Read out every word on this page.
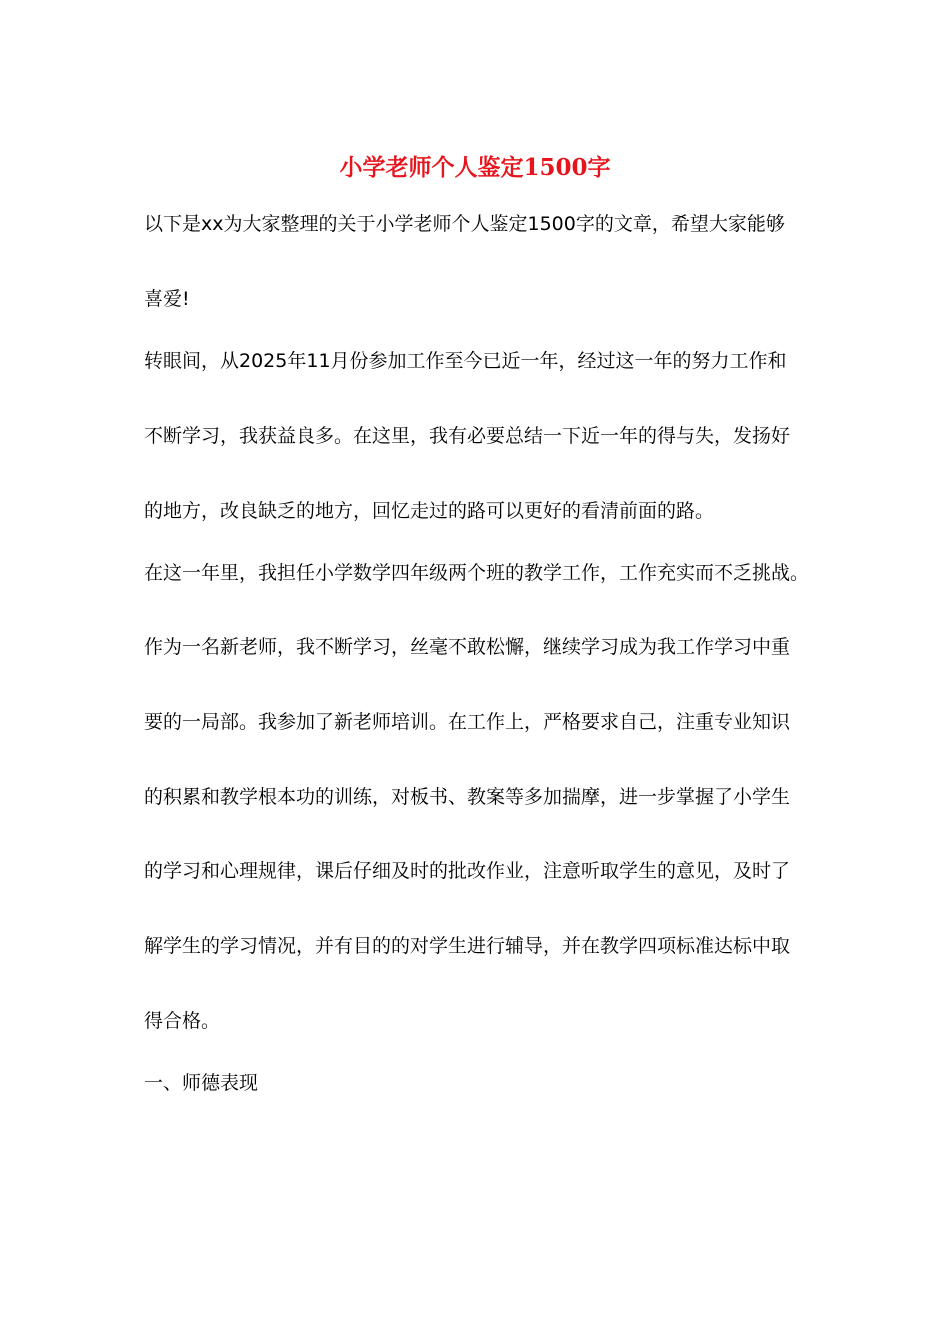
小学老师个人鉴定1500字

以下是xx为大家整理的关于小学老师个人鉴定1500字的文章，希望大家能够

喜爱!

转眼间，从2025年11月份参加工作至今已近一年，经过这一年的努力工作和

不断学习，我获益良多。在这里，我有必要总结一下近一年的得与失，发扬好

的地方，改良缺乏的地方，回忆走过的路可以更好的看清前面的路。

在这一年里，我担任小学数学四年级两个班的教学工作，工作充实而不乏挑战。

作为一名新老师，我不断学习，丝毫不敢松懈，继续学习成为我工作学习中重

要的一局部。我参加了新老师培训。在工作上，严格要求自己，注重专业知识

的积累和教学根本功的训练，对板书、教案等多加揣摩，进一步掌握了小学生

的学习和心理规律，课后仔细及时的批改作业，注意听取学生的意见，及时了

解学生的学习情况，并有目的的对学生进行辅导，并在教学四项标准达标中取

得合格。

一、师德表现
